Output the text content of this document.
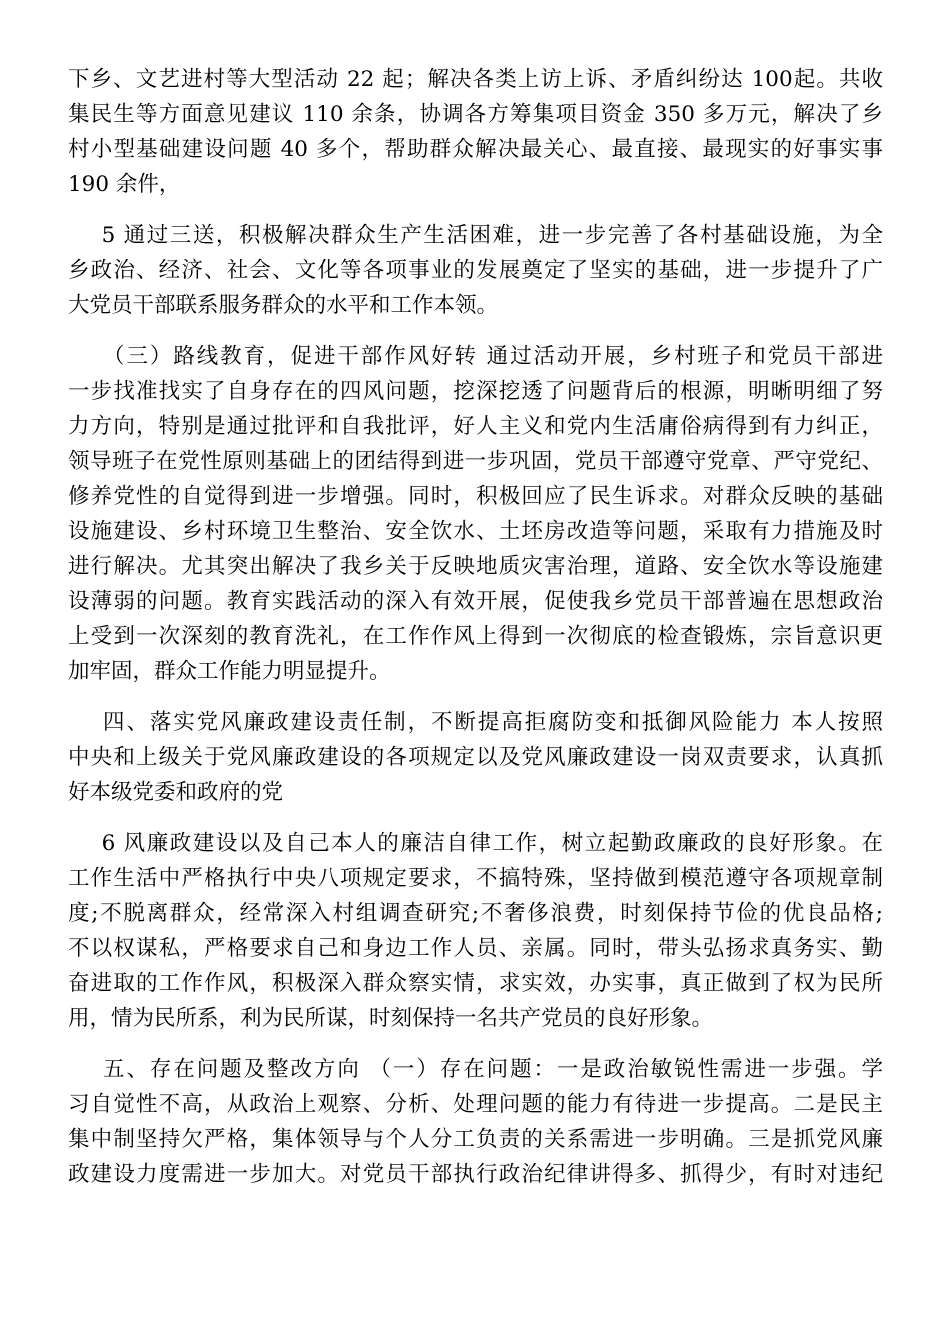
下乡、文艺进村等大型活动 22 起；解决各类上访上诉、矛盾纠纷达 100起。共收
集民生等方面意见建议 110 余条，协调各方筹集项目资金 350 多万元，解决了乡
村小型基础建设问题 40 多个，帮助群众解决最关心、最直接、最现实的好事实事
190 余件，
5 通过三送，积极解决群众生产生活困难，进一步完善了各村基础设施，为全
乡政治、经济、社会、文化等各项事业的发展奠定了坚实的基础，进一步提升了广
大党员干部联系服务群众的水平和工作本领。
（三）路线教育，促进干部作风好转 通过活动开展，乡村班子和党员干部进
一步找准找实了自身存在的四风问题，挖深挖透了问题背后的根源，明晰明细了努
力方向，特别是通过批评和自我批评，好人主义和党内生活庸俗病得到有力纠正，
领导班子在党性原则基础上的团结得到进一步巩固，党员干部遵守党章、严守党纪、
修养党性的自觉得到进一步增强。同时，积极回应了民生诉求。对群众反映的基础
设施建设、乡村环境卫生整治、安全饮水、土坯房改造等问题，采取有力措施及时
进行解决。尤其突出解决了我乡关于反映地质灾害治理，道路、安全饮水等设施建
设薄弱的问题。教育实践活动的深入有效开展，促使我乡党员干部普遍在思想政治
上受到一次深刻的教育洗礼，在工作作风上得到一次彻底的检查锻炼，宗旨意识更
加牢固，群众工作能力明显提升。
四、落实党风廉政建设责任制，不断提高拒腐防变和抵御风险能力 本人按照
中央和上级关于党风廉政建设的各项规定以及党风廉政建设一岗双责要求，认真抓
好本级党委和政府的党
6 风廉政建设以及自己本人的廉洁自律工作，树立起勤政廉政的良好形象。在
工作生活中严格执行中央八项规定要求，不搞特殊，坚持做到模范遵守各项规章制
度;不脱离群众，经常深入村组调查研究;不奢侈浪费，时刻保持节俭的优良品格;
不以权谋私，严格要求自己和身边工作人员、亲属。同时，带头弘扬求真务实、勤
奋进取的工作作风，积极深入群众察实情，求实效，办实事，真正做到了权为民所
用，情为民所系，利为民所谋，时刻保持一名共产党员的良好形象。
五、存在问题及整改方向 （一）存在问题：一是政治敏锐性需进一步强。学
习自觉性不高，从政治上观察、分析、处理问题的能力有待进一步提高。二是民主
集中制坚持欠严格，集体领导与个人分工负责的关系需进一步明确。三是抓党风廉
政建设力度需进一步加大。对党员干部执行政治纪律讲得多、抓得少，有时对违纪
